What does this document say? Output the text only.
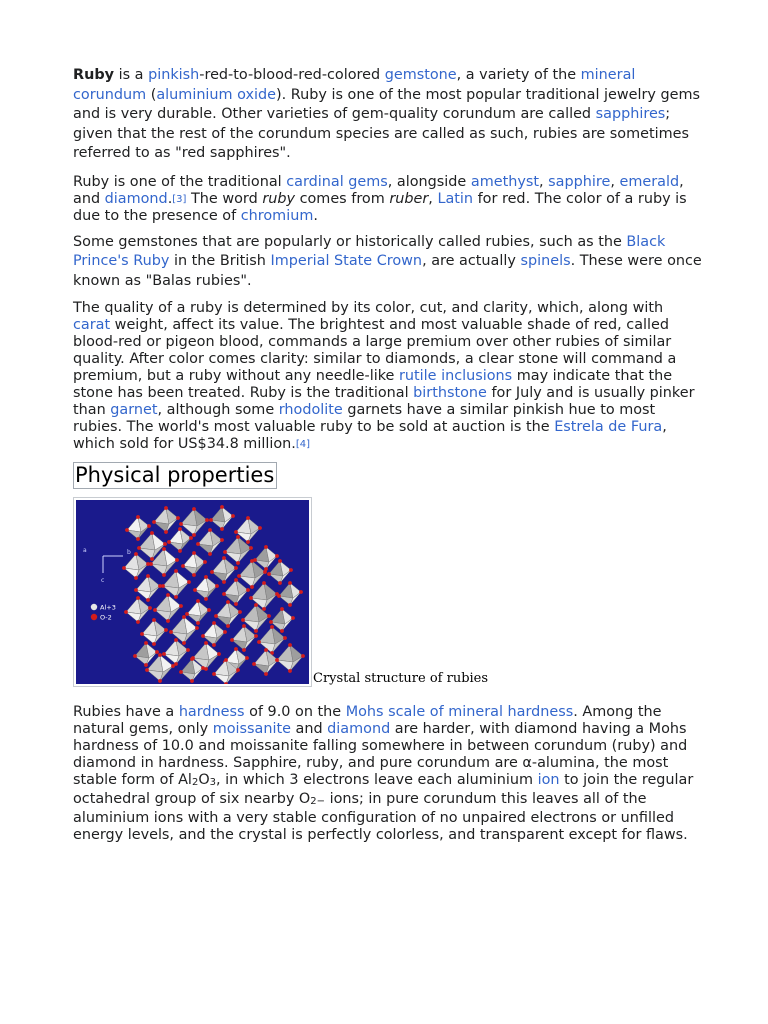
Ruby is a pinkish-red-to-blood-red-colored gemstone, a variety of the mineral corundum (aluminium oxide). Ruby is one of the most popular traditional jewelry gems and is very durable. Other varieties of gem-quality corundum are called sapphires; given that the rest of the corundum species are called as such, rubies are sometimes referred to as "red sapphires".

Ruby is one of the traditional cardinal gems, alongside amethyst, sapphire, emerald, and diamond.[3] The word ruby comes from ruber, Latin for red. The color of a ruby is due to the presence of chromium.

Some gemstones that are popularly or historically called rubies, such as the Black Prince's Ruby in the British Imperial State Crown, are actually spinels. These were once known as "Balas rubies".

The quality of a ruby is determined by its color, cut, and clarity, which, along with carat weight, affect its value. The brightest and most valuable shade of red, called blood-red or pigeon blood, commands a large premium over other rubies of similar quality. After color comes clarity: similar to diamonds, a clear stone will command a premium, but a ruby without any needle-like rutile inclusions may indicate that the stone has been treated. Ruby is the traditional birthstone for July and is usually pinker than garnet, although some rhodolite garnets have a similar pinkish hue to most rubies. The world's most valuable ruby to be sold at auction is the Estrela de Fura, which sold for US$34.8 million.[4]

Physical properties
a	b
c
Al+3
O-2
Crystal structure of rubies

Rubies have a hardness of 9.0 on the Mohs scale of mineral hardness. Among the natural gems, only moissanite and diamond are harder, with diamond having a Mohs hardness of 10.0 and moissanite falling somewhere in between corundum (ruby) and diamond in hardness. Sapphire, ruby, and pure corundum are α-alumina, the most stable form of Al2O3, in which 3 electrons leave each aluminium ion to join the regular octahedral group of six nearby O2− ions; in pure corundum this leaves all of the aluminium ions with a very stable configuration of no unpaired electrons or unfilled energy levels, and the crystal is perfectly colorless, and transparent except for flaws.
